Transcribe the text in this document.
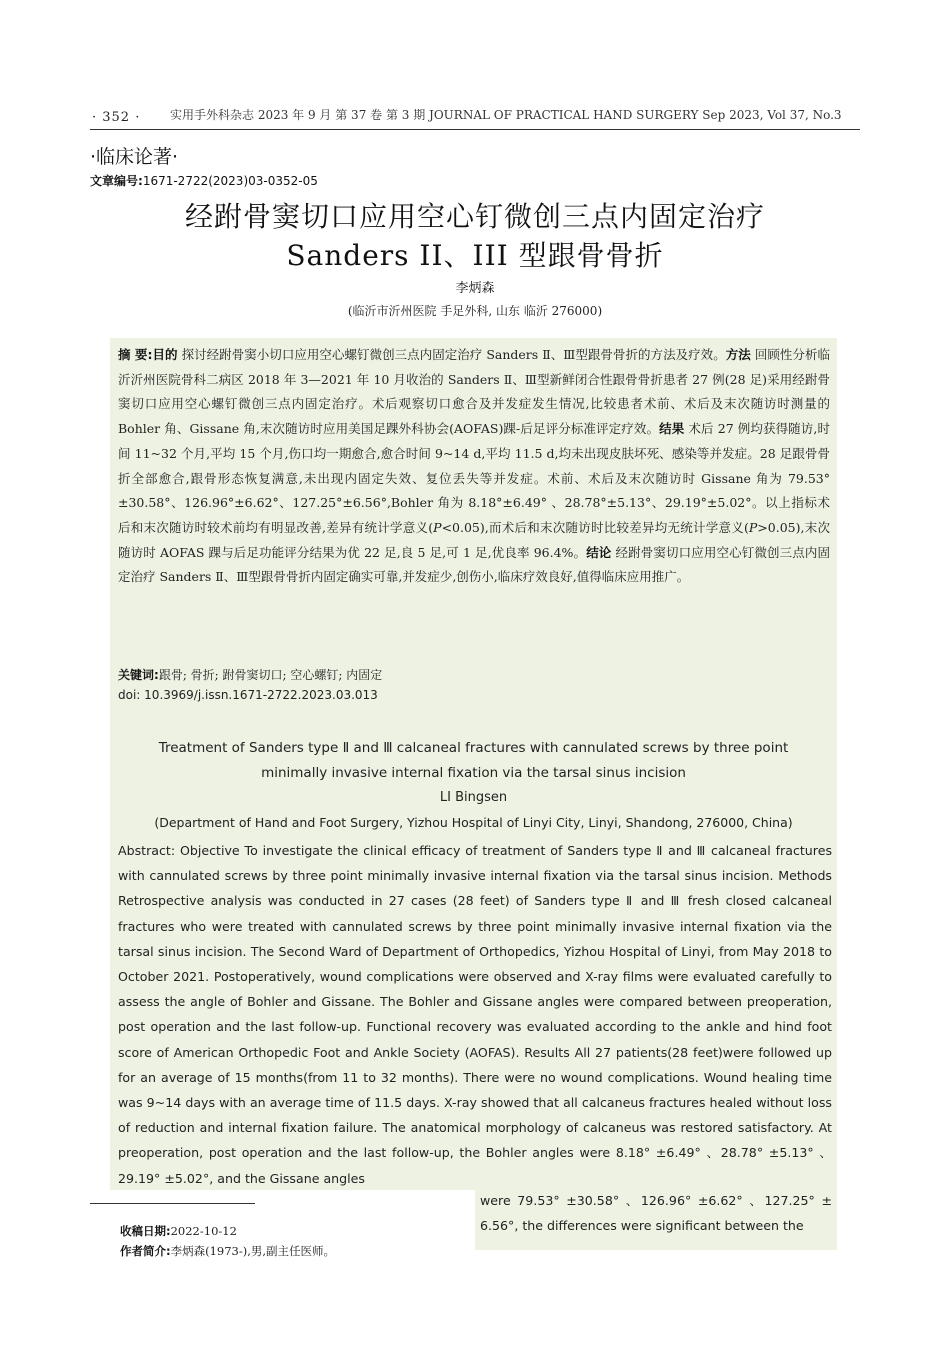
· 352 · 实用手外科杂志 2023 年 9 月 第 37 卷 第 3 期 JOURNAL OF PRACTICAL HAND SURGERY Sep 2023, Vol 37, No.3
·临床论著·
文章编号:1671-2722(2023)03-0352-05
经跗骨窦切口应用空心钉微创三点内固定治疗
Sanders II、III 型跟骨骨折
李炳森
(临沂市沂州医院 手足外科, 山东 临沂 276000)
摘 要:目的 探讨经跗骨窦小切口应用空心螺钉微创三点内固定治疗 Sanders Ⅱ、Ⅲ型跟骨骨折的方法及疗效。方法 回顾性分析临沂沂州医院骨科二病区 2018 年 3—2021 年 10 月收治的 Sanders Ⅱ、Ⅲ型新鲜闭合性跟骨骨折患者 27 例(28 足)采用经跗骨窦切口应用空心螺钉微创三点内固定治疗。术后观察切口愈合及并发症发生情况,比较患者术前、术后及末次随访时测量的 Bohler 角、Gissane 角,末次随访时应用美国足踝外科协会(AOFAS)踝-后足评分标准评定疗效。结果 术后 27 例均获得随访,时间 11~32 个月,平均 15 个月,伤口均一期愈合,愈合时间 9~14 d,平均 11.5 d,均未出现皮肤坏死、感染等并发症。28 足跟骨骨折全部愈合,跟骨形态恢复满意,未出现内固定失效、复位丢失等并发症。术前、术后及末次随访时 Gissane 角为 79.53°±30.58°、126.96°±6.62°、127.25°±6.56°,Bohler 角为 8.18°±6.49° 、28.78°±5.13°、29.19°±5.02°。以上指标术后和末次随访时较术前均有明显改善,差异有统计学意义(P<0.05),而术后和末次随访时比较差异均无统计学意义(P>0.05),末次随访时 AOFAS 踝与后足功能评分结果为优 22 足,良 5 足,可 1 足,优良率 96.4%。结论 经跗骨窦切口应用空心钉微创三点内固定治疗 Sanders Ⅱ、Ⅲ型跟骨骨折内固定确实可靠,并发症少,创伤小,临床疗效良好,值得临床应用推广。
关键词:跟骨; 骨折; 跗骨窦切口; 空心螺钉; 内固定
doi: 10.3969/j.issn.1671-2722.2023.03.013
Treatment of Sanders type Ⅱ and Ⅲ calcaneal fractures with cannulated screws by three point
minimally invasive internal fixation via the tarsal sinus incision
LI Bingsen
(Department of Hand and Foot Surgery, Yizhou Hospital of Linyi City, Linyi, Shandong, 276000, China)
Abstract: Objective To investigate the clinical efficacy of treatment of Sanders type Ⅱ and Ⅲ calcaneal fractures with cannulated screws by three point minimally invasive internal fixation via the tarsal sinus incision. Methods Retrospective analysis was conducted in 27 cases (28 feet) of Sanders type Ⅱ and Ⅲ fresh closed calcaneal fractures who were treated with cannulated screws by three point minimally invasive internal fixation via the tarsal sinus incision. The Second Ward of Department of Orthopedics, Yizhou Hospital of Linyi, from May 2018 to October 2021. Postoperatively, wound complications were observed and X-ray films were evaluated carefully to assess the angle of Bohler and Gissane. The Bohler and Gissane angles were compared between preoperation, post operation and the last follow-up. Functional recovery was evaluated according to the ankle and hind foot score of American Orthopedic Foot and Ankle Society (AOFAS). Results All 27 patients(28 feet)were followed up for an average of 15 months(from 11 to 32 months). There were no wound complications. Wound healing time was 9~14 days with an average time of 11.5 days. X-ray showed that all calcaneus fractures healed without loss of reduction and internal fixation failure. The anatomical morphology of calcaneus was restored satisfactory. At preoperation, post operation and the last follow-up, the Bohler angles were 8.18° ±6.49° 、28.78° ±5.13° 、29.19° ±5.02°, and the Gissane angles
were 79.53° ±30.58° 、126.96° ±6.62° 、127.25° ± 6.56°, the differences were significant between the
收稿日期:2022-10-12
作者简介:李炳森(1973-),男,副主任医师。
